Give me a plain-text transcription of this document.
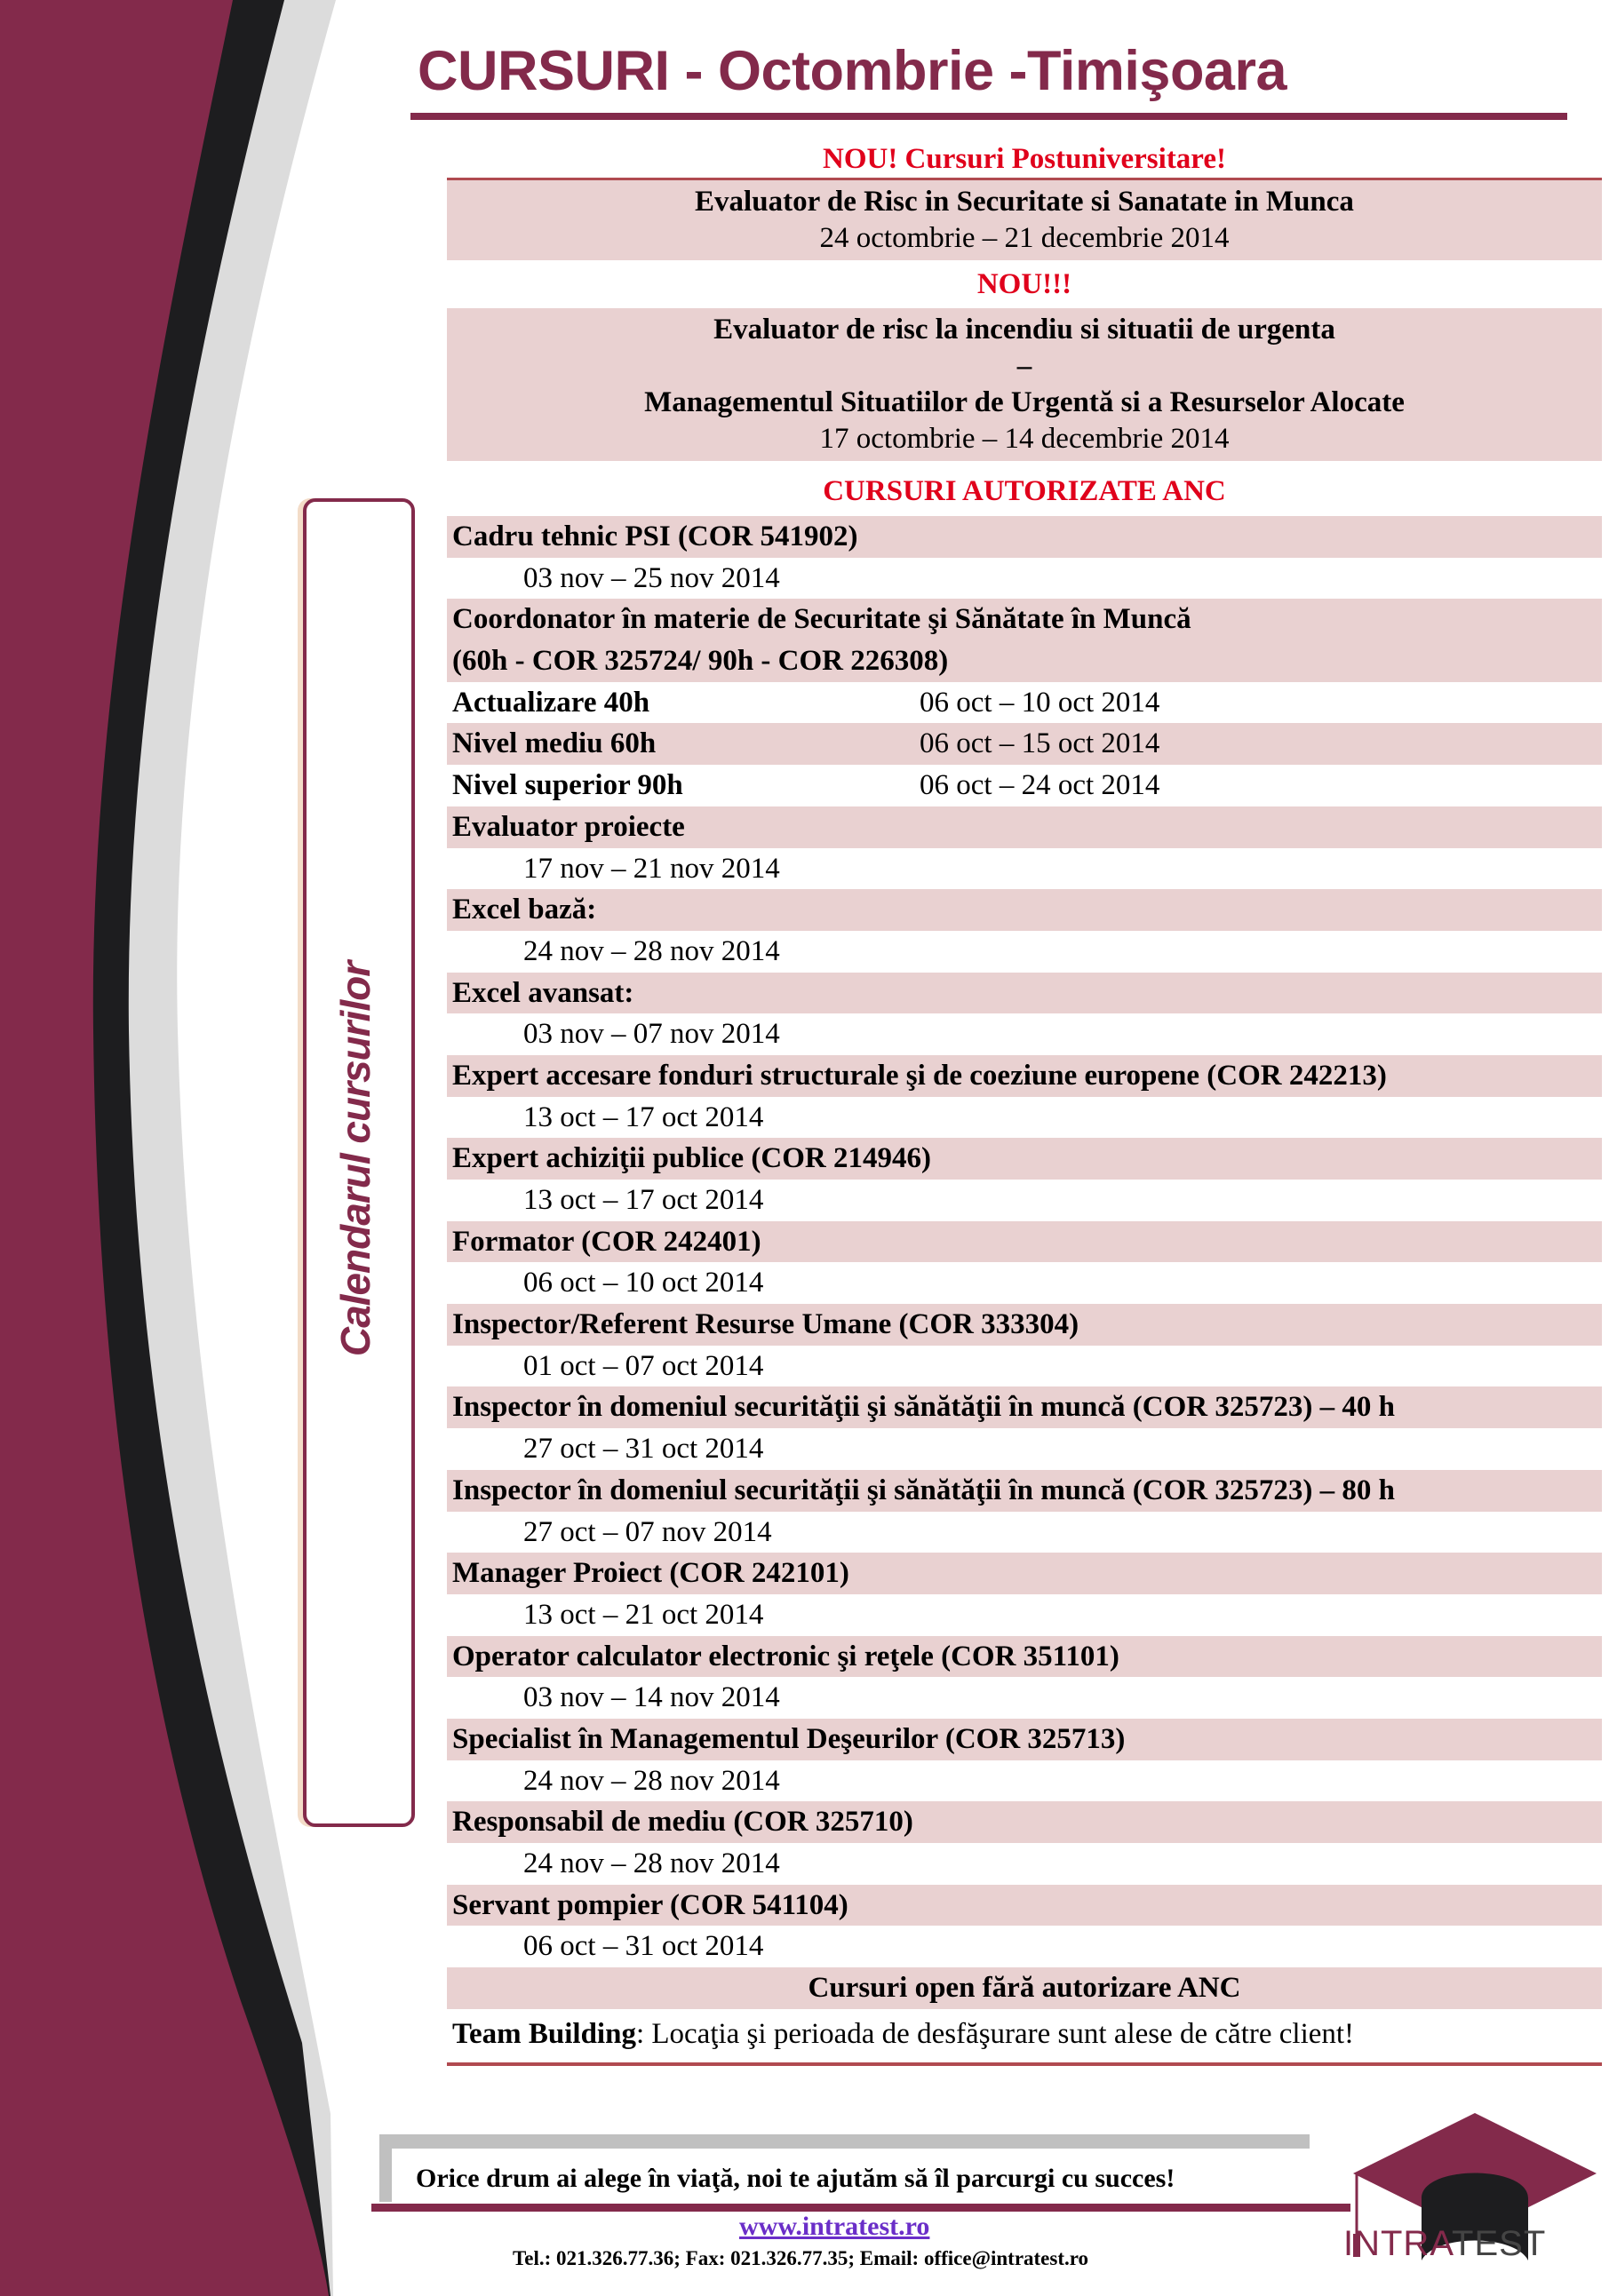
Calendarul cursurilor
CURSURI - Octombrie -Timişoara
NOU! Cursuri Postuniversitare!
Evaluator de Risc in Securitate si Sanatate in Munca
24 octombrie – 21 decembrie 2014
NOU!!!
Evaluator de risc la incendiu si situatii de urgenta
–
Managementul Situatiilor de Urgentă si a Resurselor Alocate
17 octombrie – 14 decembrie 2014
CURSURI AUTORIZATE ANC
Cadru tehnic PSI (COR 541902)
03 nov – 25 nov 2014
Coordonator în materie de Securitate şi Sănătate în Muncă
(60h - COR 325724/ 90h - COR 226308)
Actualizare 40h	06 oct – 10 oct 2014
Nivel mediu 60h	06 oct – 15 oct 2014
Nivel superior 90h	06 oct – 24 oct 2014
Evaluator proiecte
17 nov – 21 nov 2014
Excel bază:
24 nov – 28 nov 2014
Excel avansat:
03 nov – 07 nov 2014
Expert accesare fonduri structurale şi de coeziune europene (COR 242213)
13 oct – 17 oct 2014
Expert achiziţii publice (COR 214946)
13 oct – 17 oct 2014
Formator (COR 242401)
06 oct – 10 oct 2014
Inspector/Referent Resurse Umane (COR 333304)
01 oct – 07 oct 2014
Inspector în domeniul securităţii şi sănătăţii în muncă (COR 325723) – 40 h
27 oct – 31 oct 2014
Inspector în domeniul securităţii şi sănătăţii în muncă (COR 325723) – 80 h
27 oct – 07 nov 2014
Manager Proiect (COR 242101)
13 oct – 21 oct 2014
Operator calculator electronic şi reţele (COR 351101)
03 nov – 14 nov 2014
Specialist în Managementul Deşeurilor (COR 325713)
24 nov – 28 nov 2014
Responsabil de mediu (COR 325710)
24 nov – 28 nov 2014
Servant pompier (COR 541104)
06 oct – 31 oct 2014
Cursuri open fără autorizare ANC
Team Building: Locaţia şi perioada de desfăşurare sunt alese de către client!
Orice drum ai alege în viaţă, noi te ajutăm să îl parcurgi cu succes!
www.intratest.ro
Tel.: 021.326.77.36; Fax: 021.326.77.35; Email: office@intratest.ro	INTRATEST
